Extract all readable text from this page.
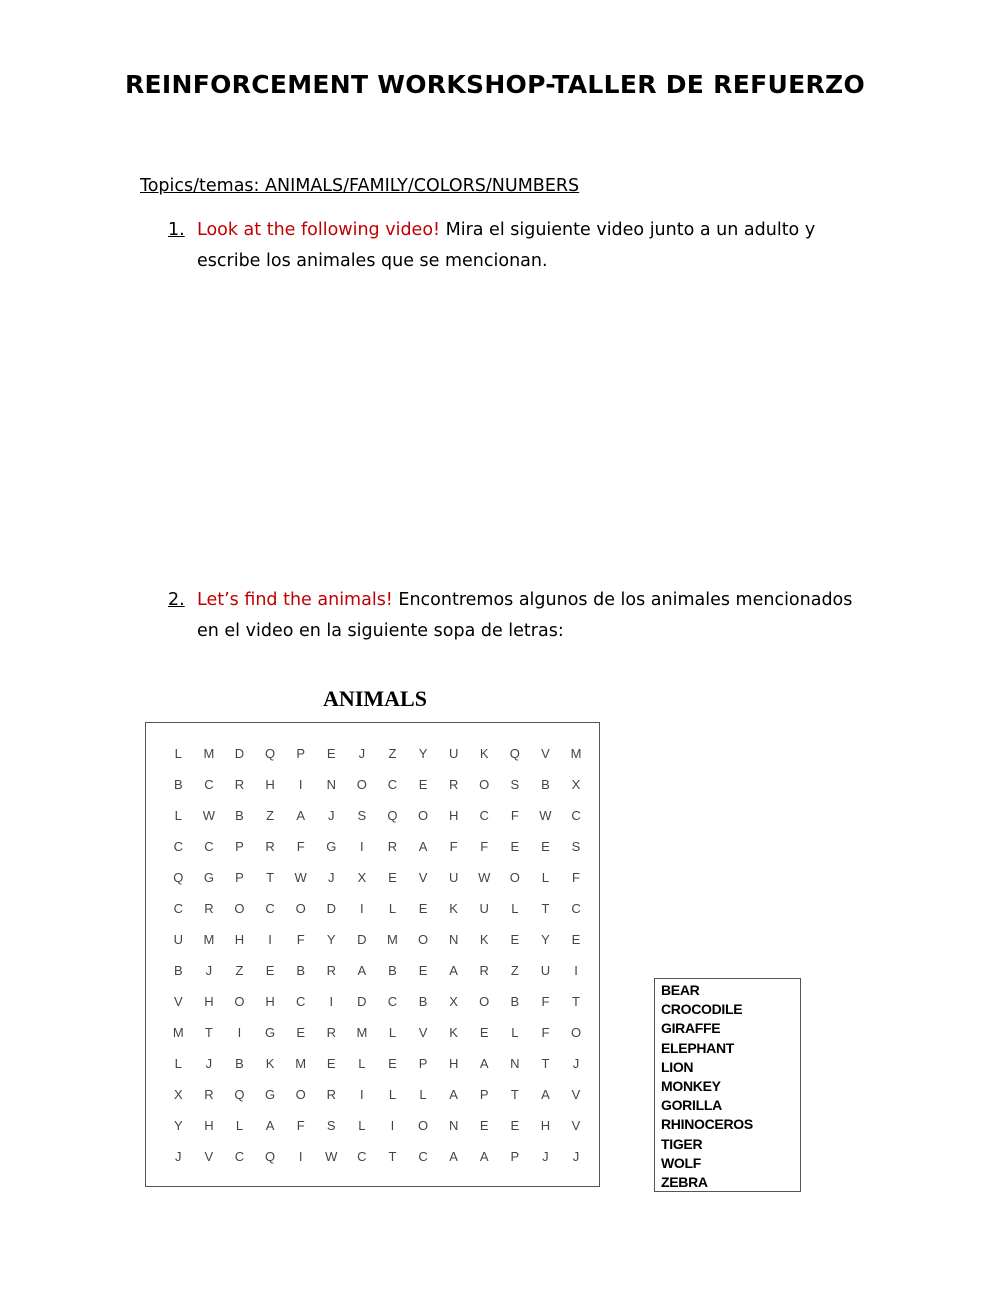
REINFORCEMENT WORKSHOP-TALLER DE REFUERZO

Topics/temas: ANIMALS/FAMILY/COLORS/NUMBERS

1. Look at the following video! Mira el siguiente video junto a un adulto y escribe los animales que se mencionan.
2. Let’s find the animals! Encontremos algunos de los animales mencionados en el video en la siguiente sopa de letras:
ANIMALS
L	M	D	Q	P	E	J	Z	Y	U	K	Q	V	M
B	C	R	H	I	N	O	C	E	R	O	S	B	X
L	W	B	Z	A	J	S	Q	O	H	C	F	W	C
C	C	P	R	F	G	I	R	A	F	F	E	E	S
Q	G	P	T	W	J	X	E	V	U	W	O	L	F
C	R	O	C	O	D	I	L	E	K	U	L	T	C
U	M	H	I	F	Y	D	M	O	N	K	E	Y	E
B	J	Z	E	B	R	A	B	E	A	R	Z	U	I
V	H	O	H	C	I	D	C	B	X	O	B	F	T
M	T	I	G	E	R	M	L	V	K	E	L	F	O
L	J	B	K	M	E	L	E	P	H	A	N	T	J
X	R	Q	G	O	R	I	L	L	A	P	T	A	V
Y	H	L	A	F	S	L	I	O	N	E	E	H	V
J	V	C	Q	I	W	C	T	C	A	A	P	J	J
BEAR
CROCODILE
GIRAFFE
ELEPHANT
LION
MONKEY
GORILLA
RHINOCEROS
TIGER
WOLF
ZEBRA
